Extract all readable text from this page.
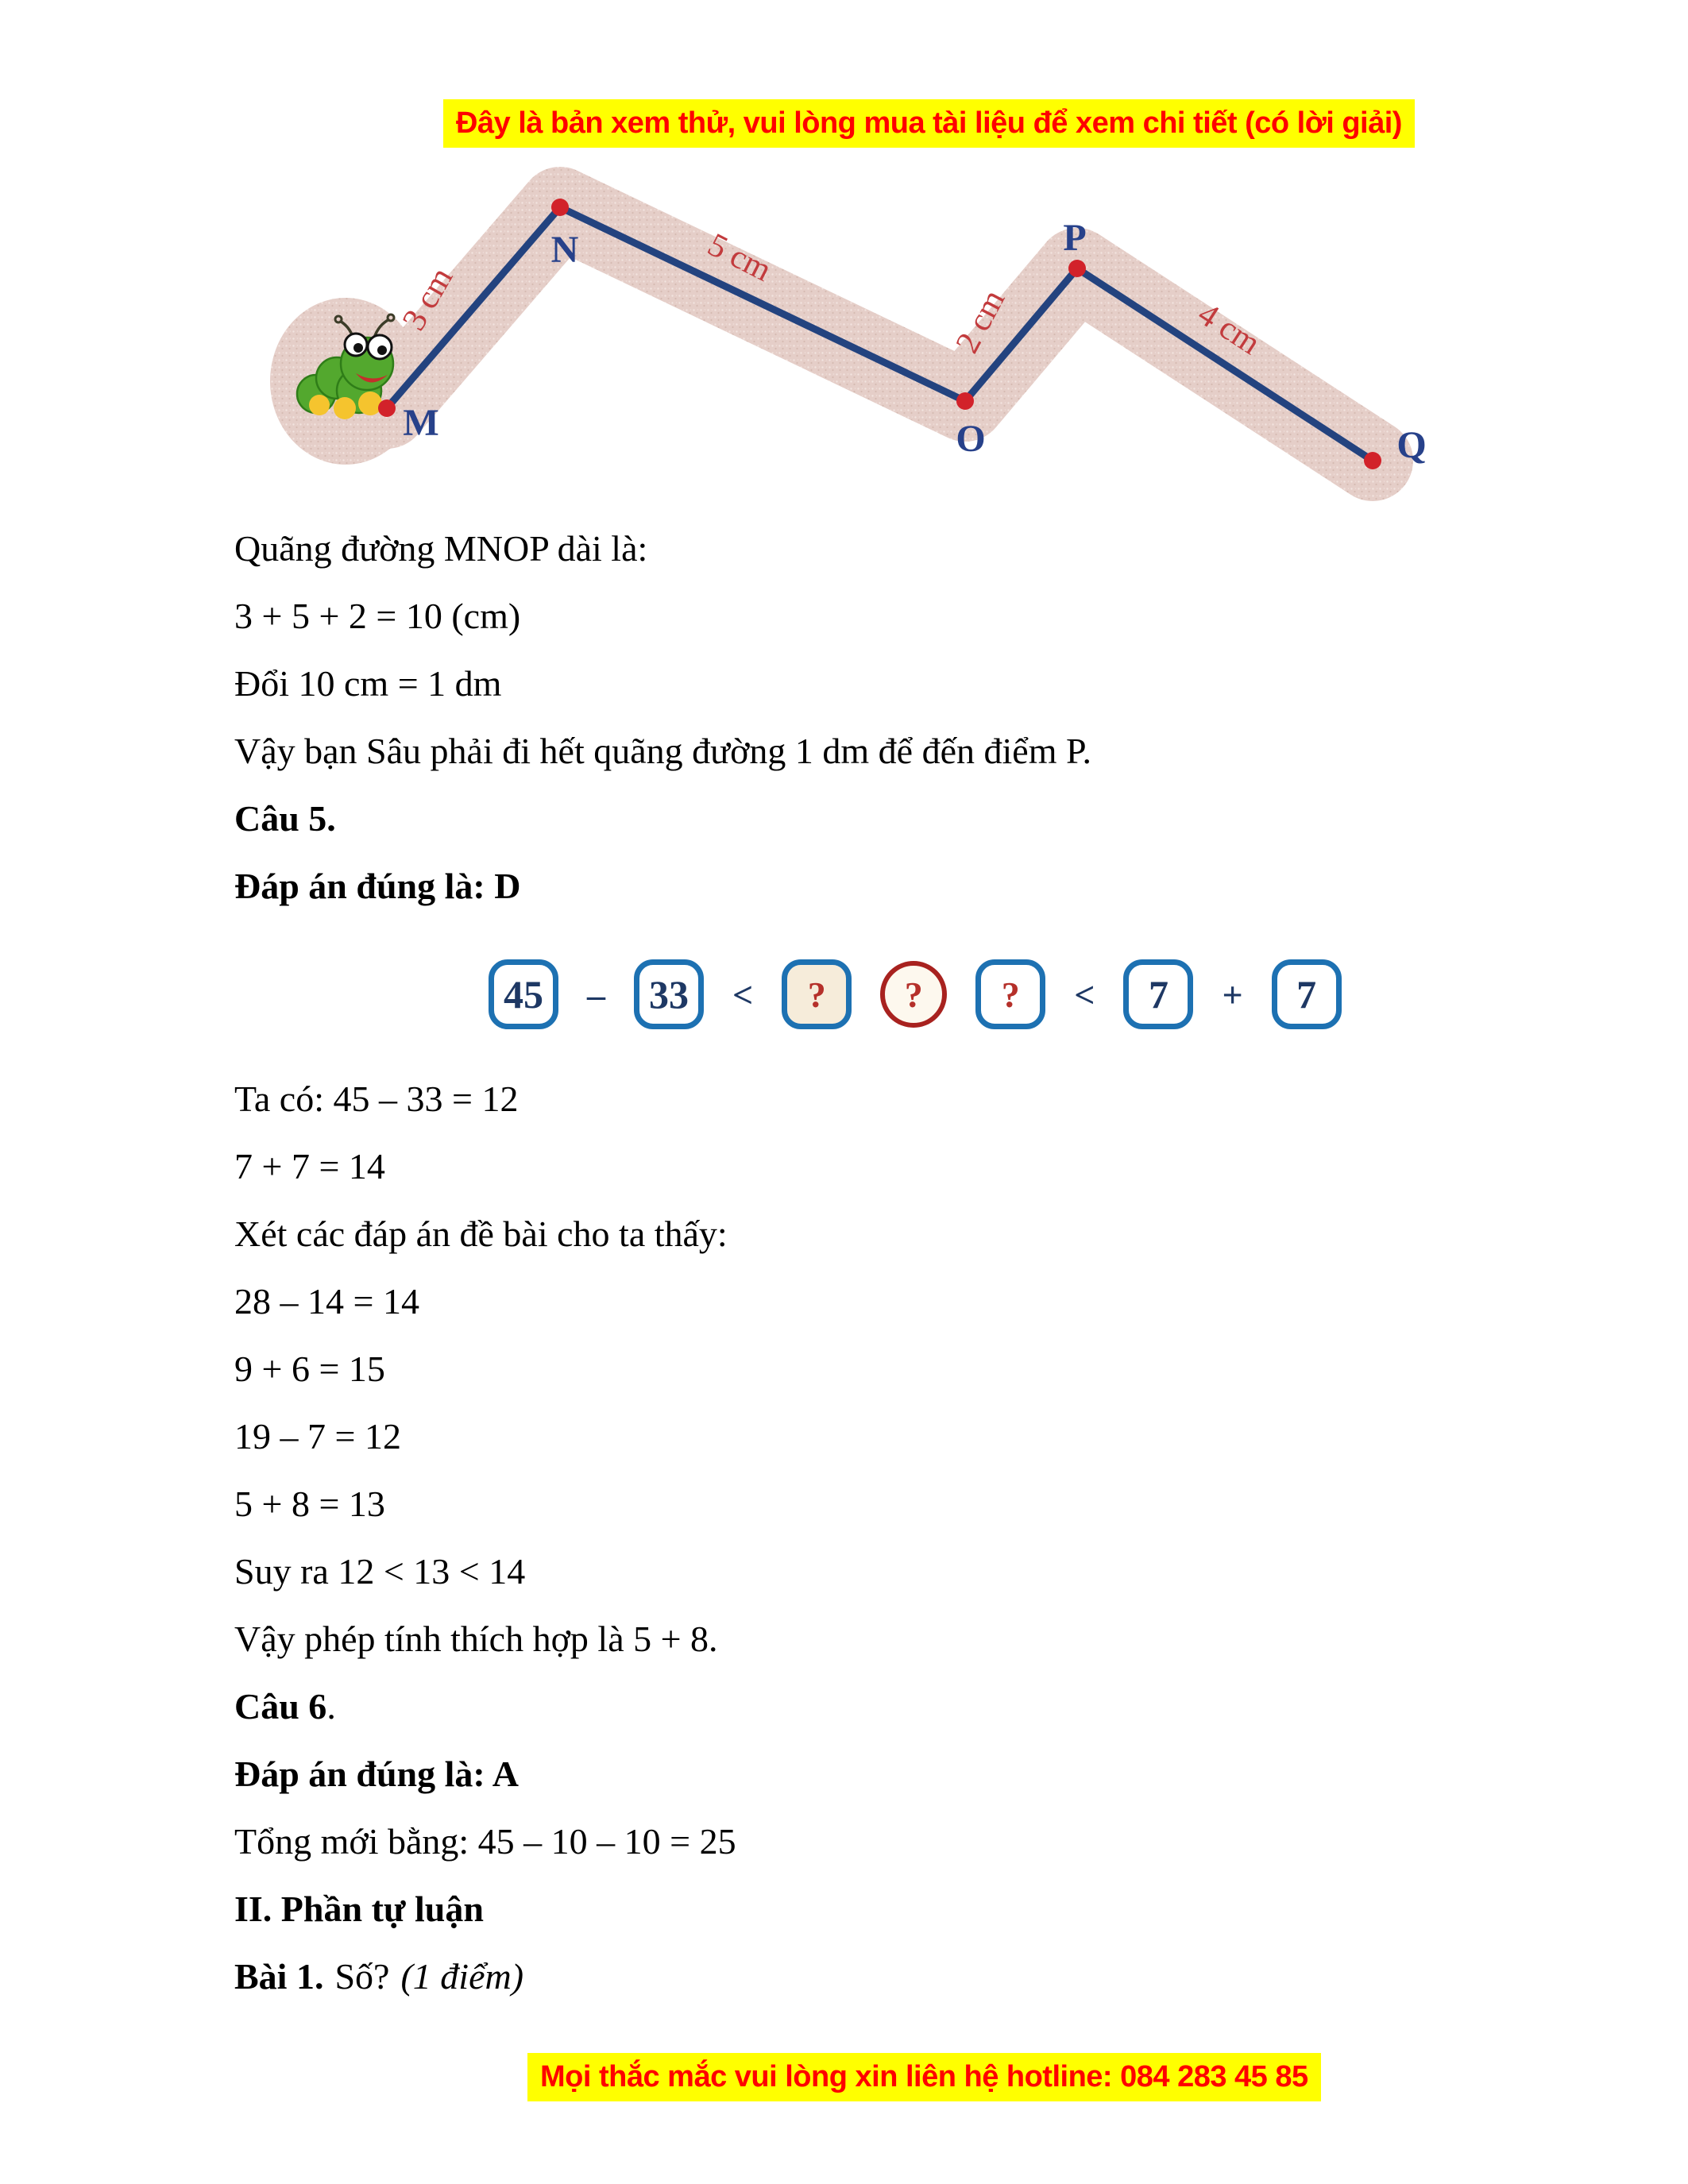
Đây là bản xem thử, vui lòng mua tài liệu để xem chi tiết (có lời giải)
M
N
O
P
Q
3 cm
5 cm
2 cm	4 cm

Quãng đường MNOP dài là:

3 + 5 + 2 = 10 (cm)

Đổi 10 cm = 1 dm

Vậy bạn Sâu phải đi hết quãng đường 1 dm để đến điểm P.

Câu 5.

Đáp án đúng là: D

45	–	33	<	?	?	?	<	7	+	7

Ta có: 45 – 33 = 12

7 + 7 = 14

Xét các đáp án đề bài cho ta thấy:

28 – 14 = 14

9 + 6 = 15

19 – 7 = 12

5 + 8 = 13

Suy ra 12 < 13 < 14

Vậy phép tính thích hợp là 5 + 8.

Câu 6.

Đáp án đúng là: A

Tổng mới bằng: 45 – 10 – 10 = 25

II. Phần tự luận

Bài 1. Số? (1 điểm)

Mọi thắc mắc vui lòng xin liên hệ hotline: 084 283 45 85
